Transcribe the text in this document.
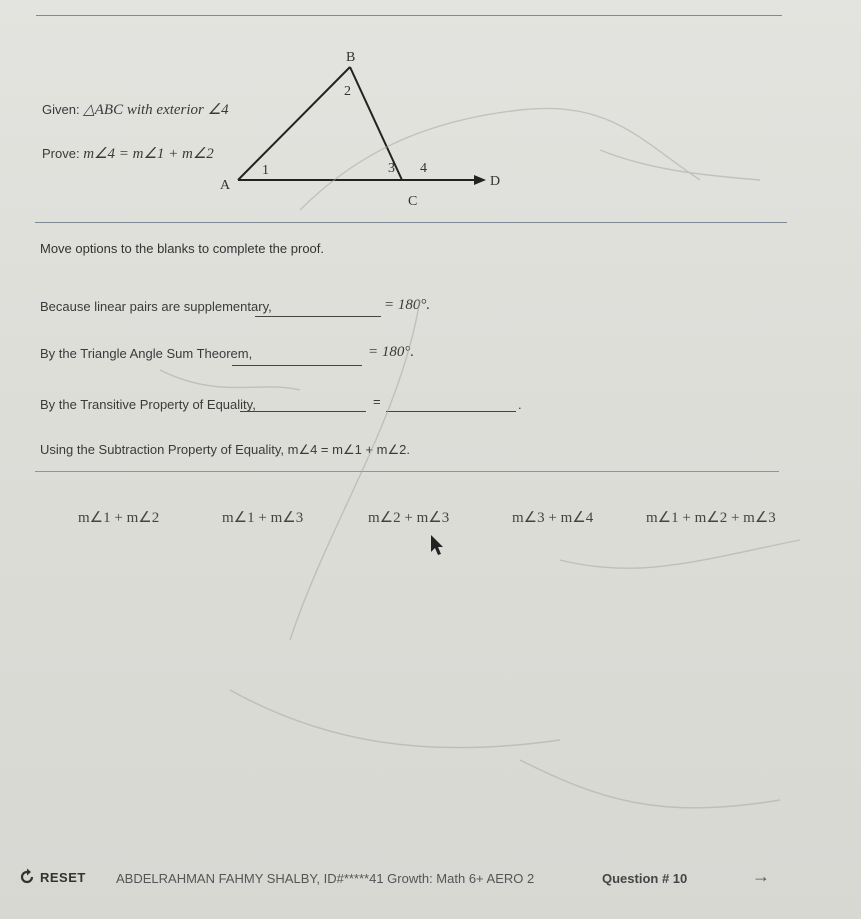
Given: △ABC with exterior ∠4
Prove: m∠4 = m∠1 + m∠2
B
2
A
1	3 4
C
D
Move options to the blanks to complete the proof.
Because linear pairs are supplementary,	= 180°.
By the Triangle Angle Sum Theorem,	= 180°.
By the Transitive Property of Equality,	=	.
Using the Subtraction Property of Equality, m∠4 = m∠1 + m∠2.
m∠1 + m∠2	m∠1 + m∠3	m∠2 + m∠3	m∠3 + m∠4	m∠1 + m∠2 + m∠3
RESET ABDELRAHMAN FAHMY SHALBY, ID#*****41 Growth: Math 6+ AERO 2	Question # 10	→
